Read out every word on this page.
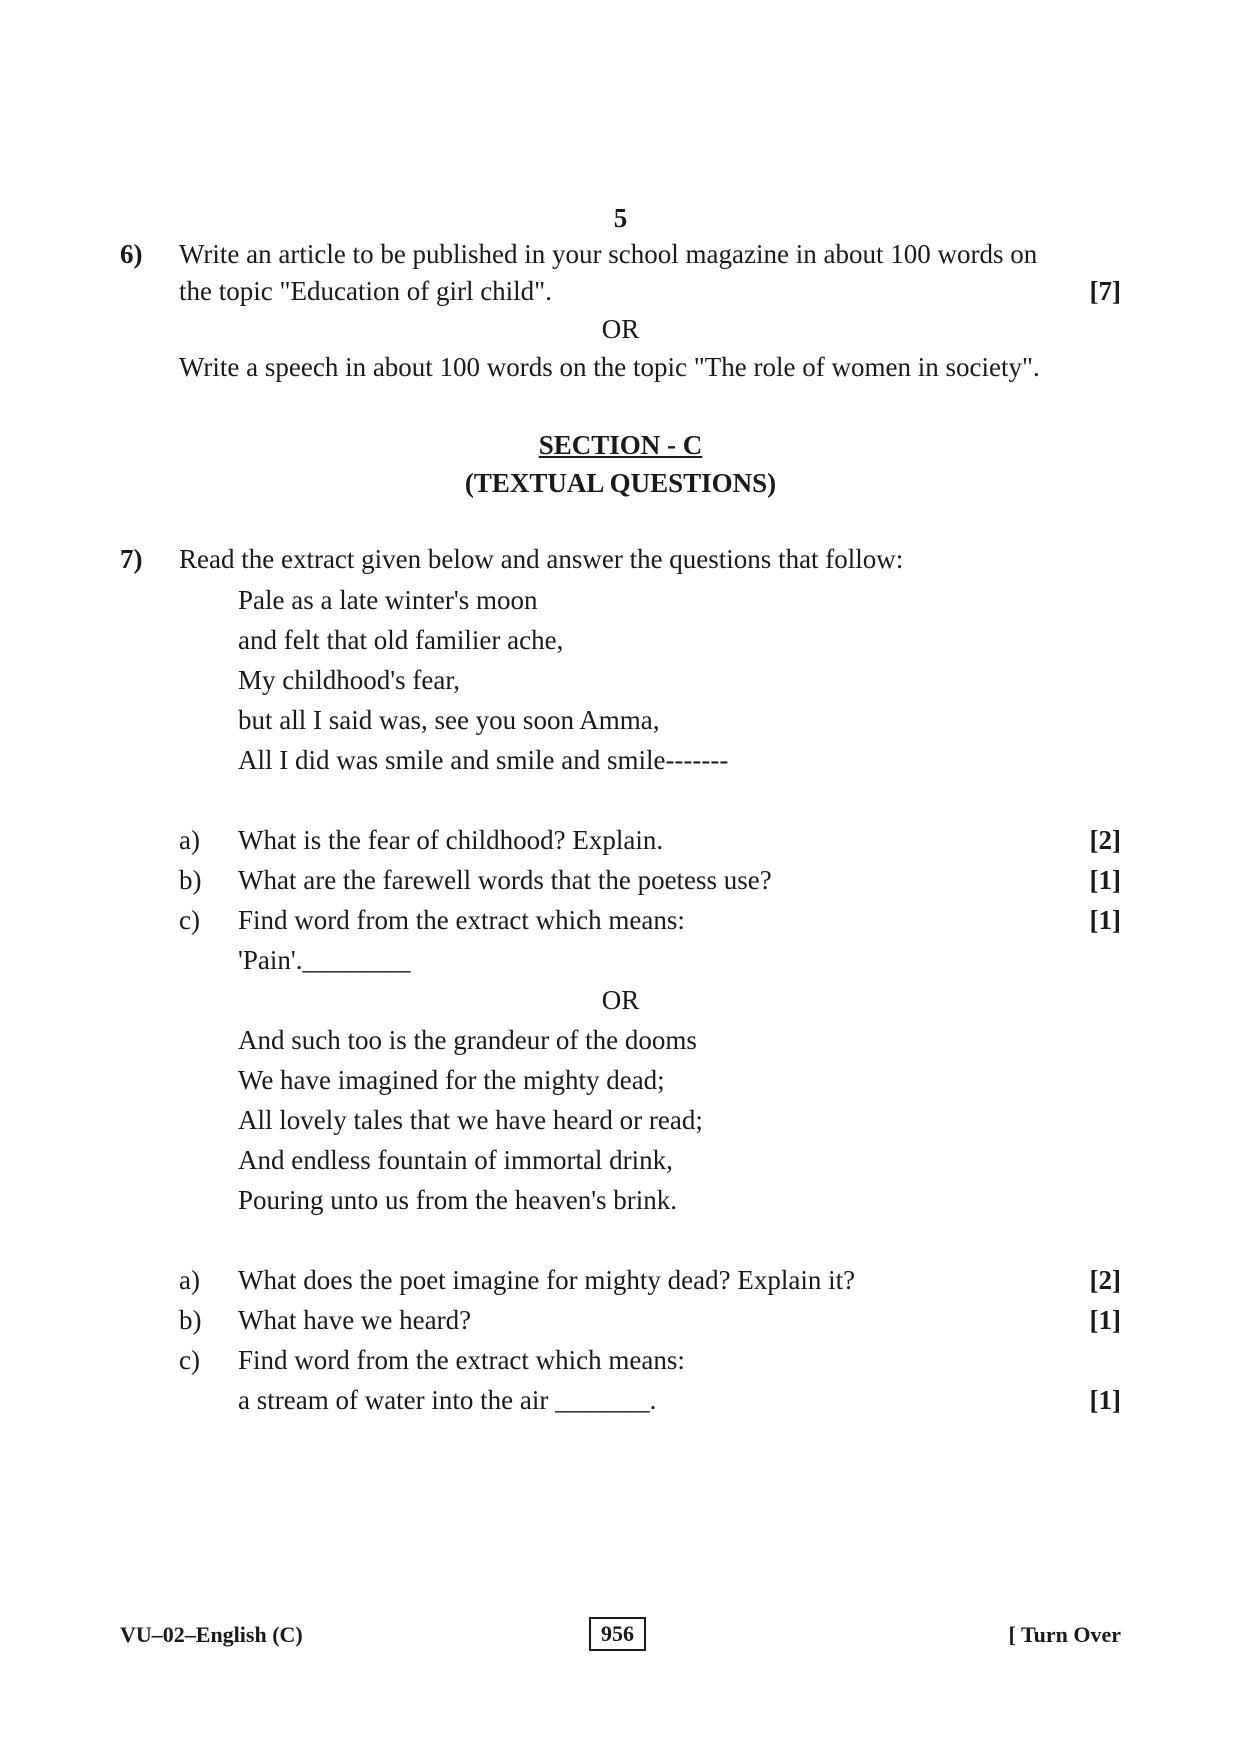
5
6) Write an article to be published in your school magazine in about 100 words on
the topic "Education of girl child".	[7]
OR
Write a speech in about 100 words on the topic "The role of women in society".
SECTION - C
(TEXTUAL QUESTIONS)
7) Read the extract given below and answer the questions that follow:
Pale as a late winter's moon
and felt that old familier ache,
My childhood's fear,
but all I said was, see you soon Amma,
All I did was smile and smile and smile-------
a) What is the fear of childhood? Explain.	[2]
b) What are the farewell words that the poetess use?	[1]
c) Find word from the extract which means:	[1]
'Pain'.________
OR
And such too is the grandeur of the dooms
We have imagined for the mighty dead;
All lovely tales that we have heard or read;
And endless fountain of immortal drink,
Pouring unto us from the heaven's brink.
a) What does the poet imagine for mighty dead? Explain it?	[2]
b) What have we heard?	[1]
c) Find word from the extract which means:
a stream of water into the air _______.	[1]
VU–02–English (C)	956	[ Turn Over
